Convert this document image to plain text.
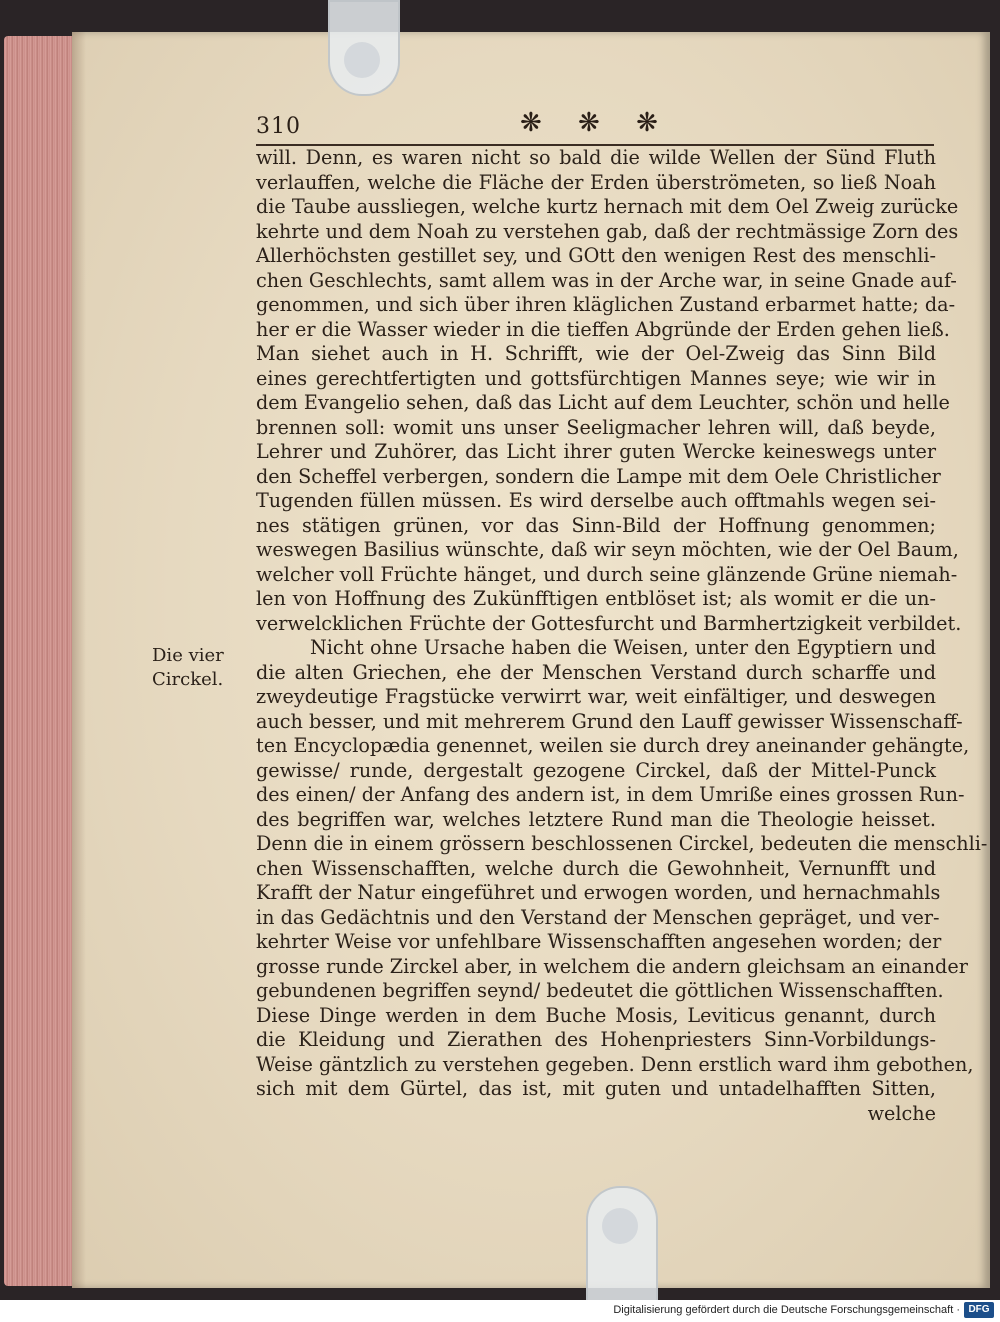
310	❋ ❋ ❋
Die vier
Circkel.
will. Denn, es waren nicht so bald die wilde Wellen der Sünd Fluth
verlauffen, welche die Fläche der Erden überströmeten, so ließ Noah
die Taube aussliegen, welche kurtz hernach mit dem Oel Zweig zurücke
kehrte und dem Noah zu verstehen gab, daß der rechtmässige Zorn des
Allerhöchsten gestillet sey, und GOtt den wenigen Rest des menschli-
chen Geschlechts, samt allem was in der Arche war, in seine Gnade auf-
genommen, und sich über ihren kläglichen Zustand erbarmet hatte; da-
her er die Wasser wieder in die tieffen Abgründe der Erden gehen ließ.
Man siehet auch in H. Schrifft, wie der Oel-Zweig das Sinn Bild
eines gerechtfertigten und gottsfürchtigen Mannes seye; wie wir in
dem Evangelio sehen, daß das Licht auf dem Leuchter, schön und helle
brennen soll: womit uns unser Seeligmacher lehren will, daß beyde,
Lehrer und Zuhörer, das Licht ihrer guten Wercke keineswegs unter
den Scheffel verbergen, sondern die Lampe mit dem Oele Christlicher
Tugenden füllen müssen. Es wird derselbe auch offtmahls wegen sei-
nes stätigen grünen, vor das Sinn-Bild der Hoffnung genommen;
weswegen Basilius wünschte, daß wir seyn möchten, wie der Oel Baum,
welcher voll Früchte hänget, und durch seine glänzende Grüne niemah-
len von Hoffnung des Zukünfftigen entblöset ist; als womit er die un-
verwelcklichen Früchte der Gottesfurcht und Barmhertzigkeit verbildet.
Nicht ohne Ursache haben die Weisen, unter den Egyptiern und
die alten Griechen, ehe der Menschen Verstand durch scharffe und
zweydeutige Fragstücke verwirrt war, weit einfältiger, und deswegen
auch besser, und mit mehrerem Grund den Lauff gewisser Wissenschaff-
ten Encyclopædia genennet, weilen sie durch drey aneinander gehängte,
gewisse/ runde, dergestalt gezogene Circkel, daß der Mittel-Punck
des einen/ der Anfang des andern ist, in dem Umriße eines grossen Run-
des begriffen war, welches letztere Rund man die Theologie heisset.
Denn die in einem grössern beschlossenen Circkel, bedeuten die menschli-
chen Wissenschafften, welche durch die Gewohnheit, Vernunfft und
Krafft der Natur eingeführet und erwogen worden, und hernachmahls
in das Gedächtnis und den Verstand der Menschen gepräget, und ver-
kehrter Weise vor unfehlbare Wissenschafften angesehen worden; der
grosse runde Zirckel aber, in welchem die andern gleichsam an einander
gebundenen begriffen seynd/ bedeutet die göttlichen Wissenschafften.
Diese Dinge werden in dem Buche Mosis, Leviticus genannt, durch
die Kleidung und Zierathen des Hohenpriesters Sinn-Vorbildungs-
Weise gäntzlich zu verstehen gegeben. Denn erstlich ward ihm gebothen,
sich mit dem Gürtel, das ist, mit guten und untadelhafften Sitten,
welche
Digitalisierung gefördert durch die Deutsche Forschungsgemeinschaft · DFG
